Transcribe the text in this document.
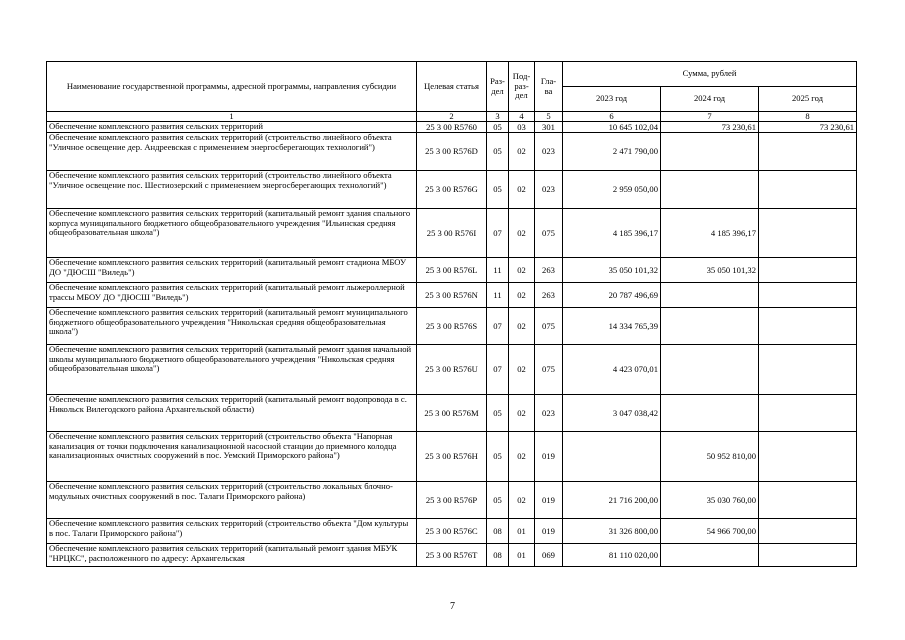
Наименование государственной программы, адресной программы, направления субсидии	Целевая статья	Раз-дел	Под-раз-дел	Гла-ва	Сумма, рублей		
					2023 год	2024 год	2025 год
1	2	3	4	5	6	7	8
Обеспечение комплексного развития сельских территорий	25 3 00 R5760	05	03	301	10 645 102,04	73 230,61	73 230,61
Обеспечение комплексного развития сельских территорий (строительство линейного объекта "Уличное освещение дер. Андреевская с применением энергосберегающих технологий")	25 3 00 R576D	05	02	023	2 471 790,00		
Обеспечение комплексного развития сельских территорий (строительство линейного объекта "Уличное освещение пос. Шестиозерский с применением энергосберегающих технологий")	25 3 00 R576G	05	02	023	2 959 050,00		
Обеспечение комплексного развития сельских территорий (капитальный ремонт здания спального корпуса муниципального бюджетного общеобразовательного учреждения "Ильинская средняя общеобразовательная школа")	25 3 00 R576I	07	02	075	4 185 396,17	4 185 396,17	
Обеспечение комплексного развития сельских территорий (капитальный ремонт стадиона МБОУ ДО "ДЮСШ "Виледь")	25 3 00 R576L	11	02	263	35 050 101,32	35 050 101,32	
Обеспечение комплексного развития сельских территорий (капитальный ремонт лыжероллерной трассы МБОУ ДО "ДЮСШ "Виледь")	25 3 00 R576N	11	02	263	20 787 496,69		
Обеспечение комплексного развития сельских территорий (капитальный ремонт муниципального бюджетного общеобразовательного учреждения "Никольская средняя общеобразовательная школа")	25 3 00 R576S	07	02	075	14 334 765,39		
Обеспечение комплексного развития сельских территорий (капитальный ремонт здания начальной школы муниципального бюджетного общеобразовательного учреждения "Никольская средняя общеобразовательная школа")	25 3 00 R576U	07	02	075	4 423 070,01		
Обеспечение комплексного развития сельских территорий (капитальный ремонт водопровода в с. Никольск Вилегодского района Архангельской области)	25 3 00 R576M	05	02	023	3 047 038,42		
Обеспечение комплексного развития сельских территорий (строительство объекта "Напорная канализация от точки подключения канализационной насосной станции до приемного колодца канализационных очистных сооружений в пос. Уемский Приморского района")	25 3 00 R576H	05	02	019		50 952 810,00	
Обеспечение комплексного развития сельских территорий (строительство локальных блочно-модульных очистных сооружений в пос. Талаги Приморского района)	25 3 00 R576P	05	02	019	21 716 200,00	35 030 760,00	
Обеспечение комплексного развития сельских территорий (строительство объекта "Дом культуры в пос. Талаги Приморского района")	25 3 00 R576C	08	01	019	31 326 800,00	54 966 700,00	
Обеспечение комплексного развития сельских территорий (капитальный ремонт здания МБУК "НРЦКС", расположенного по адресу: Архангельская	25 3 00 R576T	08	01	069	81 110 020,00		
7
